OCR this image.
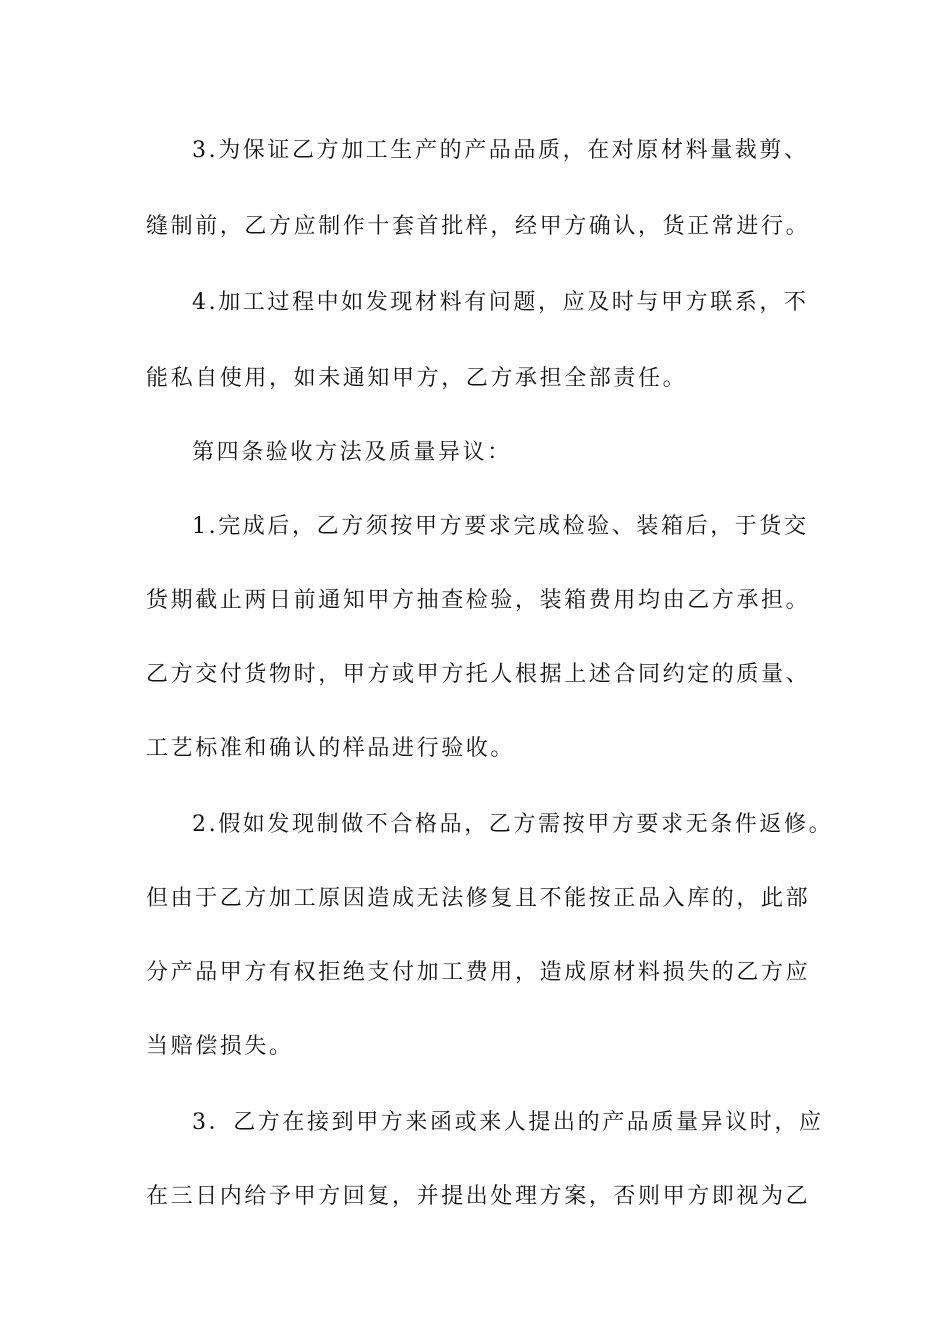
3.为保证乙方加工生产的产品品质，在对原材料量裁剪、
缝制前，乙方应制作十套首批样，经甲方确认，货正常进行。
4.加工过程中如发现材料有问题，应及时与甲方联系，不
能私自使用，如未通知甲方，乙方承担全部责任。
第四条验收方法及质量异议：
1.完成后，乙方须按甲方要求完成检验、装箱后，于货交
货期截止两日前通知甲方抽查检验，装箱费用均由乙方承担。
乙方交付货物时，甲方或甲方托人根据上述合同约定的质量、
工艺标准和确认的样品进行验收。
2.假如发现制做不合格品，乙方需按甲方要求无条件返修。
但由于乙方加工原因造成无法修复且不能按正品入库的，此部
分产品甲方有权拒绝支付加工费用，造成原材料损失的乙方应
当赔偿损失。
3．乙方在接到甲方来函或来人提出的产品质量异议时，应
在三日内给予甲方回复，并提出处理方案，否则甲方即视为乙
